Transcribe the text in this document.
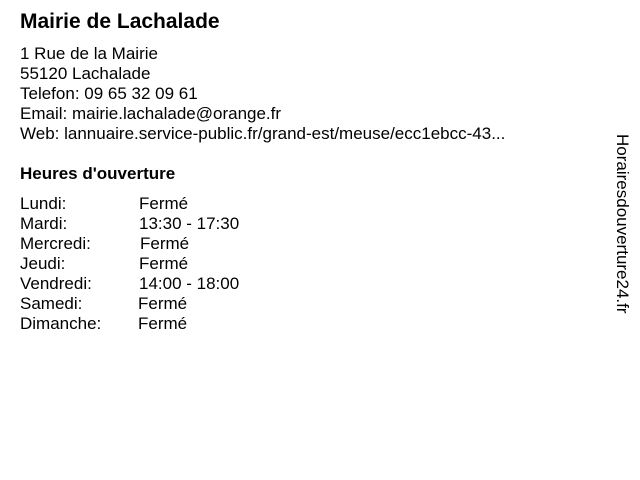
Mairie de Lachalade
1 Rue de la Mairie
55120 Lachalade
Telefon: 09 65 32 09 61
Email: mairie.lachalade@orange.fr
Web: lannuaire.service-public.fr/grand-est/meuse/ecc1ebcc-43...
Heures d'ouverture
Lundi:	Fermé
Mardi:	13:30 - 17:30
Mercredi:	Fermé
Jeudi:	Fermé
Vendredi:	14:00 - 18:00
Samedi:	Fermé
Dimanche: Fermé
Horairesdouverture24.fr
